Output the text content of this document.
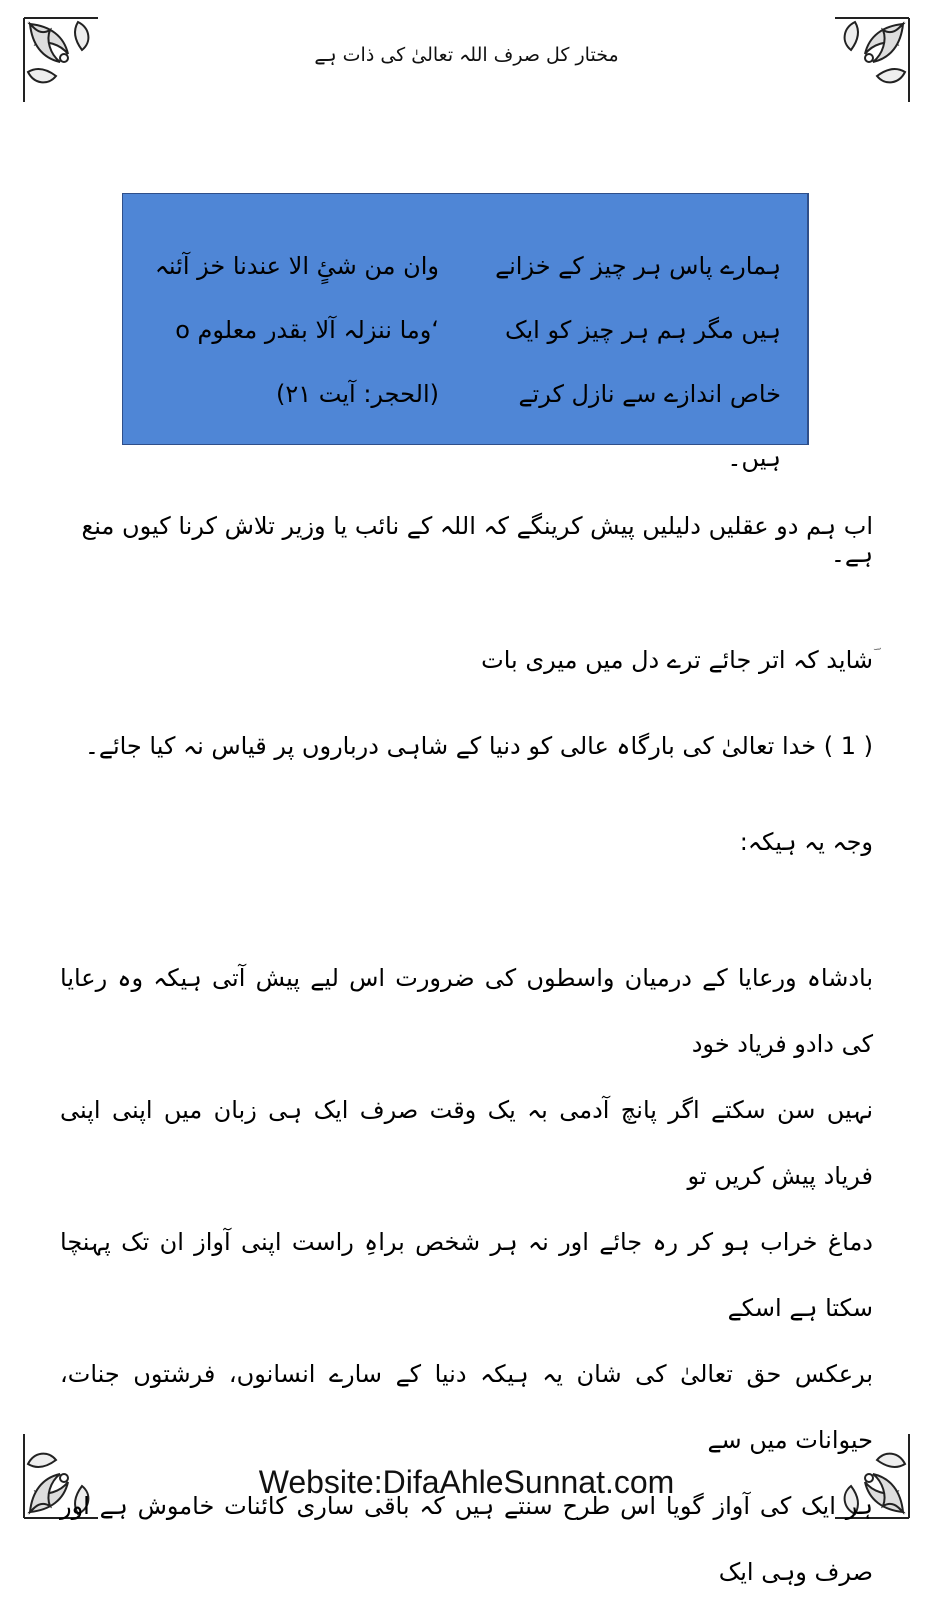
مختار کل صرف اللہ تعالیٰ کی ذات ہے
وان من شیٍٔ الا عندنا خز آئنہ ‘وما ننزلہ آلا بقدر معلوم o (الحجر: آیت ۲۱)
ہمارے پاس ہر چیز کے خزانے ہیں مگر ہم ہر چیز کو ایک خاص اندازے سے نازل کرتے ہیں۔
اب ہم دو عقلیں دلیلیں پیش کرینگے کہ اللہ کے نائب یا وزیر تلاش کرنا کیوں منع ہے۔
ؔشاید کہ اتر جائے ترے دل میں میری بات
( 1 ) خدا تعالیٰ کی بارگاہ عالی کو دنیا کے شاہی درباروں پر قیاس نہ کیا جائے۔
وجہ یہ ہیکہ:
بادشاہ ورعایا کے درمیان واسطوں کی ضرورت اس لیے پیش آتی ہیکہ وہ رعایا کی دادو فریاد خود
نہیں سن سکتے اگر پانچ آدمی بہ یک وقت صرف ایک ہی زبان میں اپنی اپنی فریاد پیش کریں تو
دماغ خراب ہو کر رہ جائے اور نہ ہر شخص براہِ راست اپنی آواز ان تک پہنچا سکتا ہے اسکے
برعکس حق تعالیٰ کی شان یہ ہیکہ دنیا کے سارے انسانوں، فرشتوں جنات، حیوانات میں سے
ہر ایک کی آواز گویا اس طرح سنتے ہیں کہ باقی ساری کائنات خاموش ہے اور صرف وہی ایک
Website:DifaAhleSunnat.com
